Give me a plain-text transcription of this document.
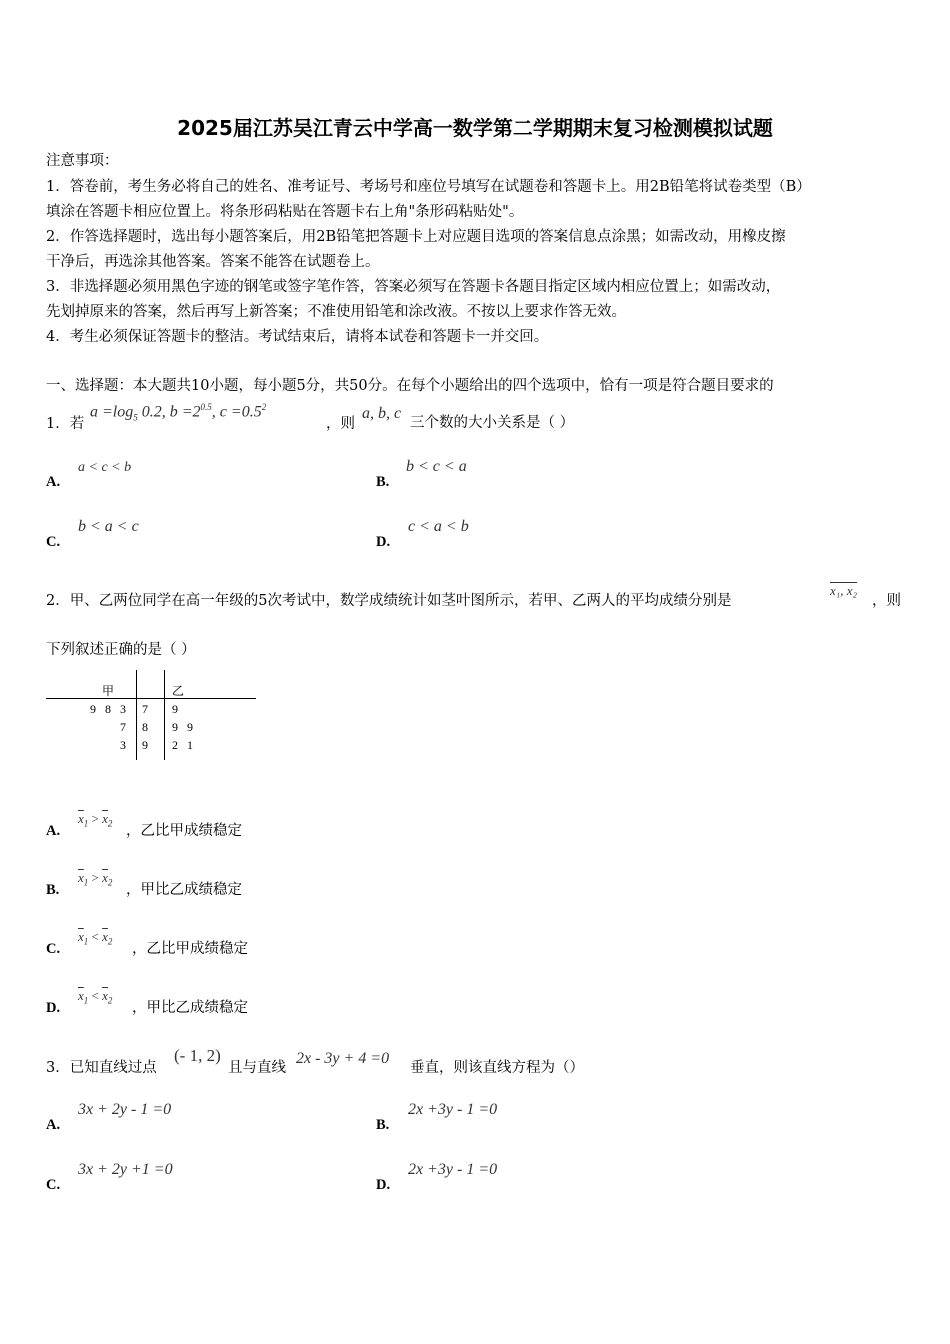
2025届江苏吴江青云中学高一数学第二学期期末复习检测模拟试题
注意事项：
1．答卷前，考生务必将自己的姓名、准考证号、考场号和座位号填写在试题卷和答题卡上。用2B铅笔将试卷类型（B）
填涂在答题卡相应位置上。将条形码粘贴在答题卡右上角"条形码粘贴处"。
2．作答选择题时，选出每小题答案后，用2B铅笔把答题卡上对应题目选项的答案信息点涂黑；如需改动，用橡皮擦
干净后，再选涂其他答案。答案不能答在试题卷上。
3．非选择题必须用黑色字迹的钢笔或签字笔作答，答案必须写在答题卡各题目指定区域内相应位置上；如需改动，
先划掉原来的答案，然后再写上新答案；不准使用铅笔和涂改液。不按以上要求作答无效。
4．考生必须保证答题卡的整洁。考试结束后，请将本试卷和答题卡一并交回。
一、选择题：本大题共10小题，每小题5分，共50分。在每个小题给出的四个选项中，恰有一项是符合题目要求的
1．若
$a =\log_5$ 0.2, $b =2^{0.5}$, $c =0.5^2$
，则
a, b, c
三个数的大小关系是（ ）
A.
a < c < b
B.
b < c < a
C.
b < a < c
D.
c < a < b
2．甲、乙两位同学在高一年级的5次考试中，数学成绩统计如茎叶图所示，若甲、乙两人的平均成绩分别是
x₁, x₂
，则
下列叙述正确的是（ ）
甲	乙
9   8   3 7 9
7 8 9   9
3 9 2   1
A.
$\overline{x}_1 > \overline{x}_2$ ，乙比甲成绩稳定
B.
$\overline{x}_1 > \overline{x}_2$ ，甲比乙成绩稳定
C.
$\overline{x}_1 < \overline{x}_2$ ，乙比甲成绩稳定
D.
$\overline{x}_1 < \overline{x}_2$ ，甲比乙成绩稳定
3．已知直线过点
(- 1, 2)
且与直线
2x - 3y + 4 =0
垂直，则该直线方程为（）
A.
3x + 2y - 1 =0
B.
2x +3y - 1 =0
C.
3x + 2y +1 =0
D.
2x +3y - 1 =0
